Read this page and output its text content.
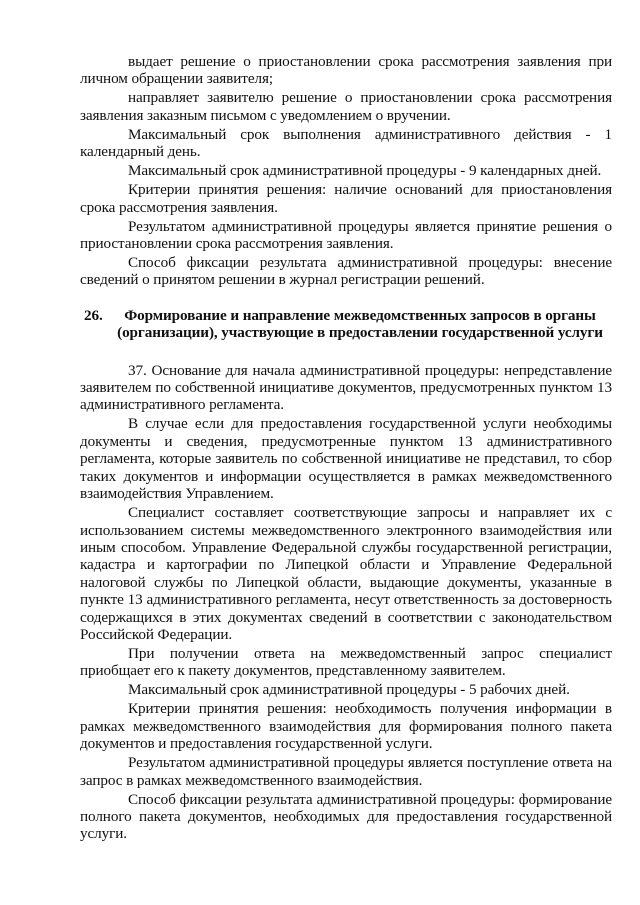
выдает решение о приостановлении срока рассмотрения заявления при личном обращении заявителя;

направляет заявителю решение о приостановлении срока рассмотрения заявления заказным письмом с уведомлением о вручении.

Максимальный срок выполнения административного действия - 1 календарный день.

Максимальный срок административной процедуры - 9 календарных дней.

Критерии принятия решения: наличие оснований для приостановления срока рассмотрения заявления.

Результатом административной процедуры является принятие решения о приостановлении срока рассмотрения заявления.

Способ фиксации результата административной процедуры: внесение сведений о принятом решении в журнал регистрации решений.

26.	Формирование и направление межведомственных запросов в органы (организации), участвующие в предоставлении государственной услуги

37. Основание для начала административной процедуры: непредставление заявителем по собственной инициативе документов, предусмотренных пунктом 13 административного регламента.

В случае если для предоставления государственной услуги необходимы документы и сведения, предусмотренные пунктом 13 административного регламента, которые заявитель по собственной инициативе не представил, то сбор таких документов и информации осуществляется в рамках межведомственного взаимодействия Управлением.

Специалист составляет соответствующие запросы и направляет их с использованием системы межведомственного электронного взаимодействия или иным способом. Управление Федеральной службы государственной регистрации, кадастра и картографии по Липецкой области и Управление Федеральной налоговой службы по Липецкой области, выдающие документы, указанные в пункте 13 административного регламента, несут ответственность за достоверность содержащихся в этих документах сведений в соответствии с законодательством Российской Федерации.

При получении ответа на межведомственный запрос специалист приобщает его к пакету документов, представленному заявителем.

Максимальный срок административной процедуры - 5 рабочих дней.

Критерии принятия решения: необходимость получения информации в рамках межведомственного взаимодействия для формирования полного пакета документов и предоставления государственной услуги.

Результатом административной процедуры является поступление ответа на запрос в рамках межведомственного взаимодействия.

Способ фиксации результата административной процедуры: формирование полного пакета документов, необходимых для предоставления государственной услуги.
